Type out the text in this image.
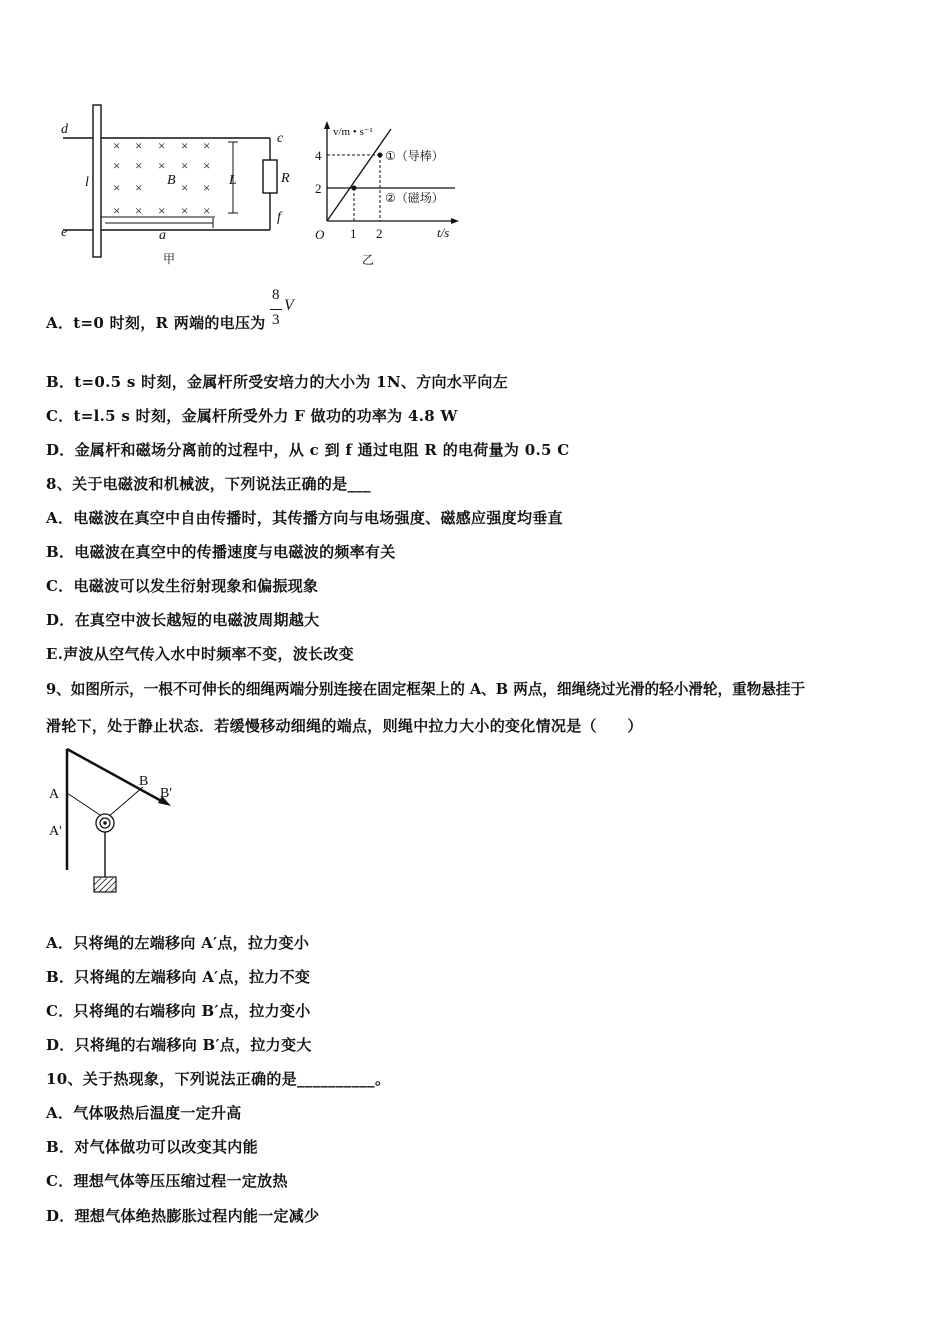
× × × × ×
× × × × ×
× ×	× ×
× × × × ×
d
e
c
f
l	L
B	R
a
甲
v/m • s⁻¹
t/s
O 1 2
2
4	①（导棒）
②（磁场）
乙
A．t=0 时刻，R 两端的电压为
8
3
V
B．t=0.5 s 时刻，金属杆所受安培力的大小为 1N、方向水平向左
C．t=l.5 s 时刻，金属杆所受外力 F 做功的功率为 4.8 W
D．金属杆和磁场分离前的过程中，从 c 到 f 通过电阻 R 的电荷量为 0.5 C
8、关于电磁波和机械波，下列说法正确的是___
A．电磁波在真空中自由传播时，其传播方向与电场强度、磁感应强度均垂直
B．电磁波在真空中的传播速度与电磁波的频率有关
C．电磁波可以发生衍射现象和偏振现象
D．在真空中波长越短的电磁波周期越大
E.声波从空气传入水中时频率不变，波长改变
9、如图所示，一根不可伸长的细绳两端分别连接在固定框架上的 A、B 两点，细绳绕过光滑的轻小滑轮，重物悬挂于
滑轮下，处于静止状态．若缓慢移动细绳的端点，则绳中拉力大小的变化情况是（　　）
A
A'
B
B'
A．只将绳的左端移向 A′点，拉力变小
B．只将绳的左端移向 A′点，拉力不变
C．只将绳的右端移向 B′点，拉力变小
D．只将绳的右端移向 B′点，拉力变大
10、关于热现象，下列说法正确的是__________。
A．气体吸热后温度一定升高
B．对气体做功可以改变其内能
C．理想气体等压压缩过程一定放热
D．理想气体绝热膨胀过程内能一定减少
